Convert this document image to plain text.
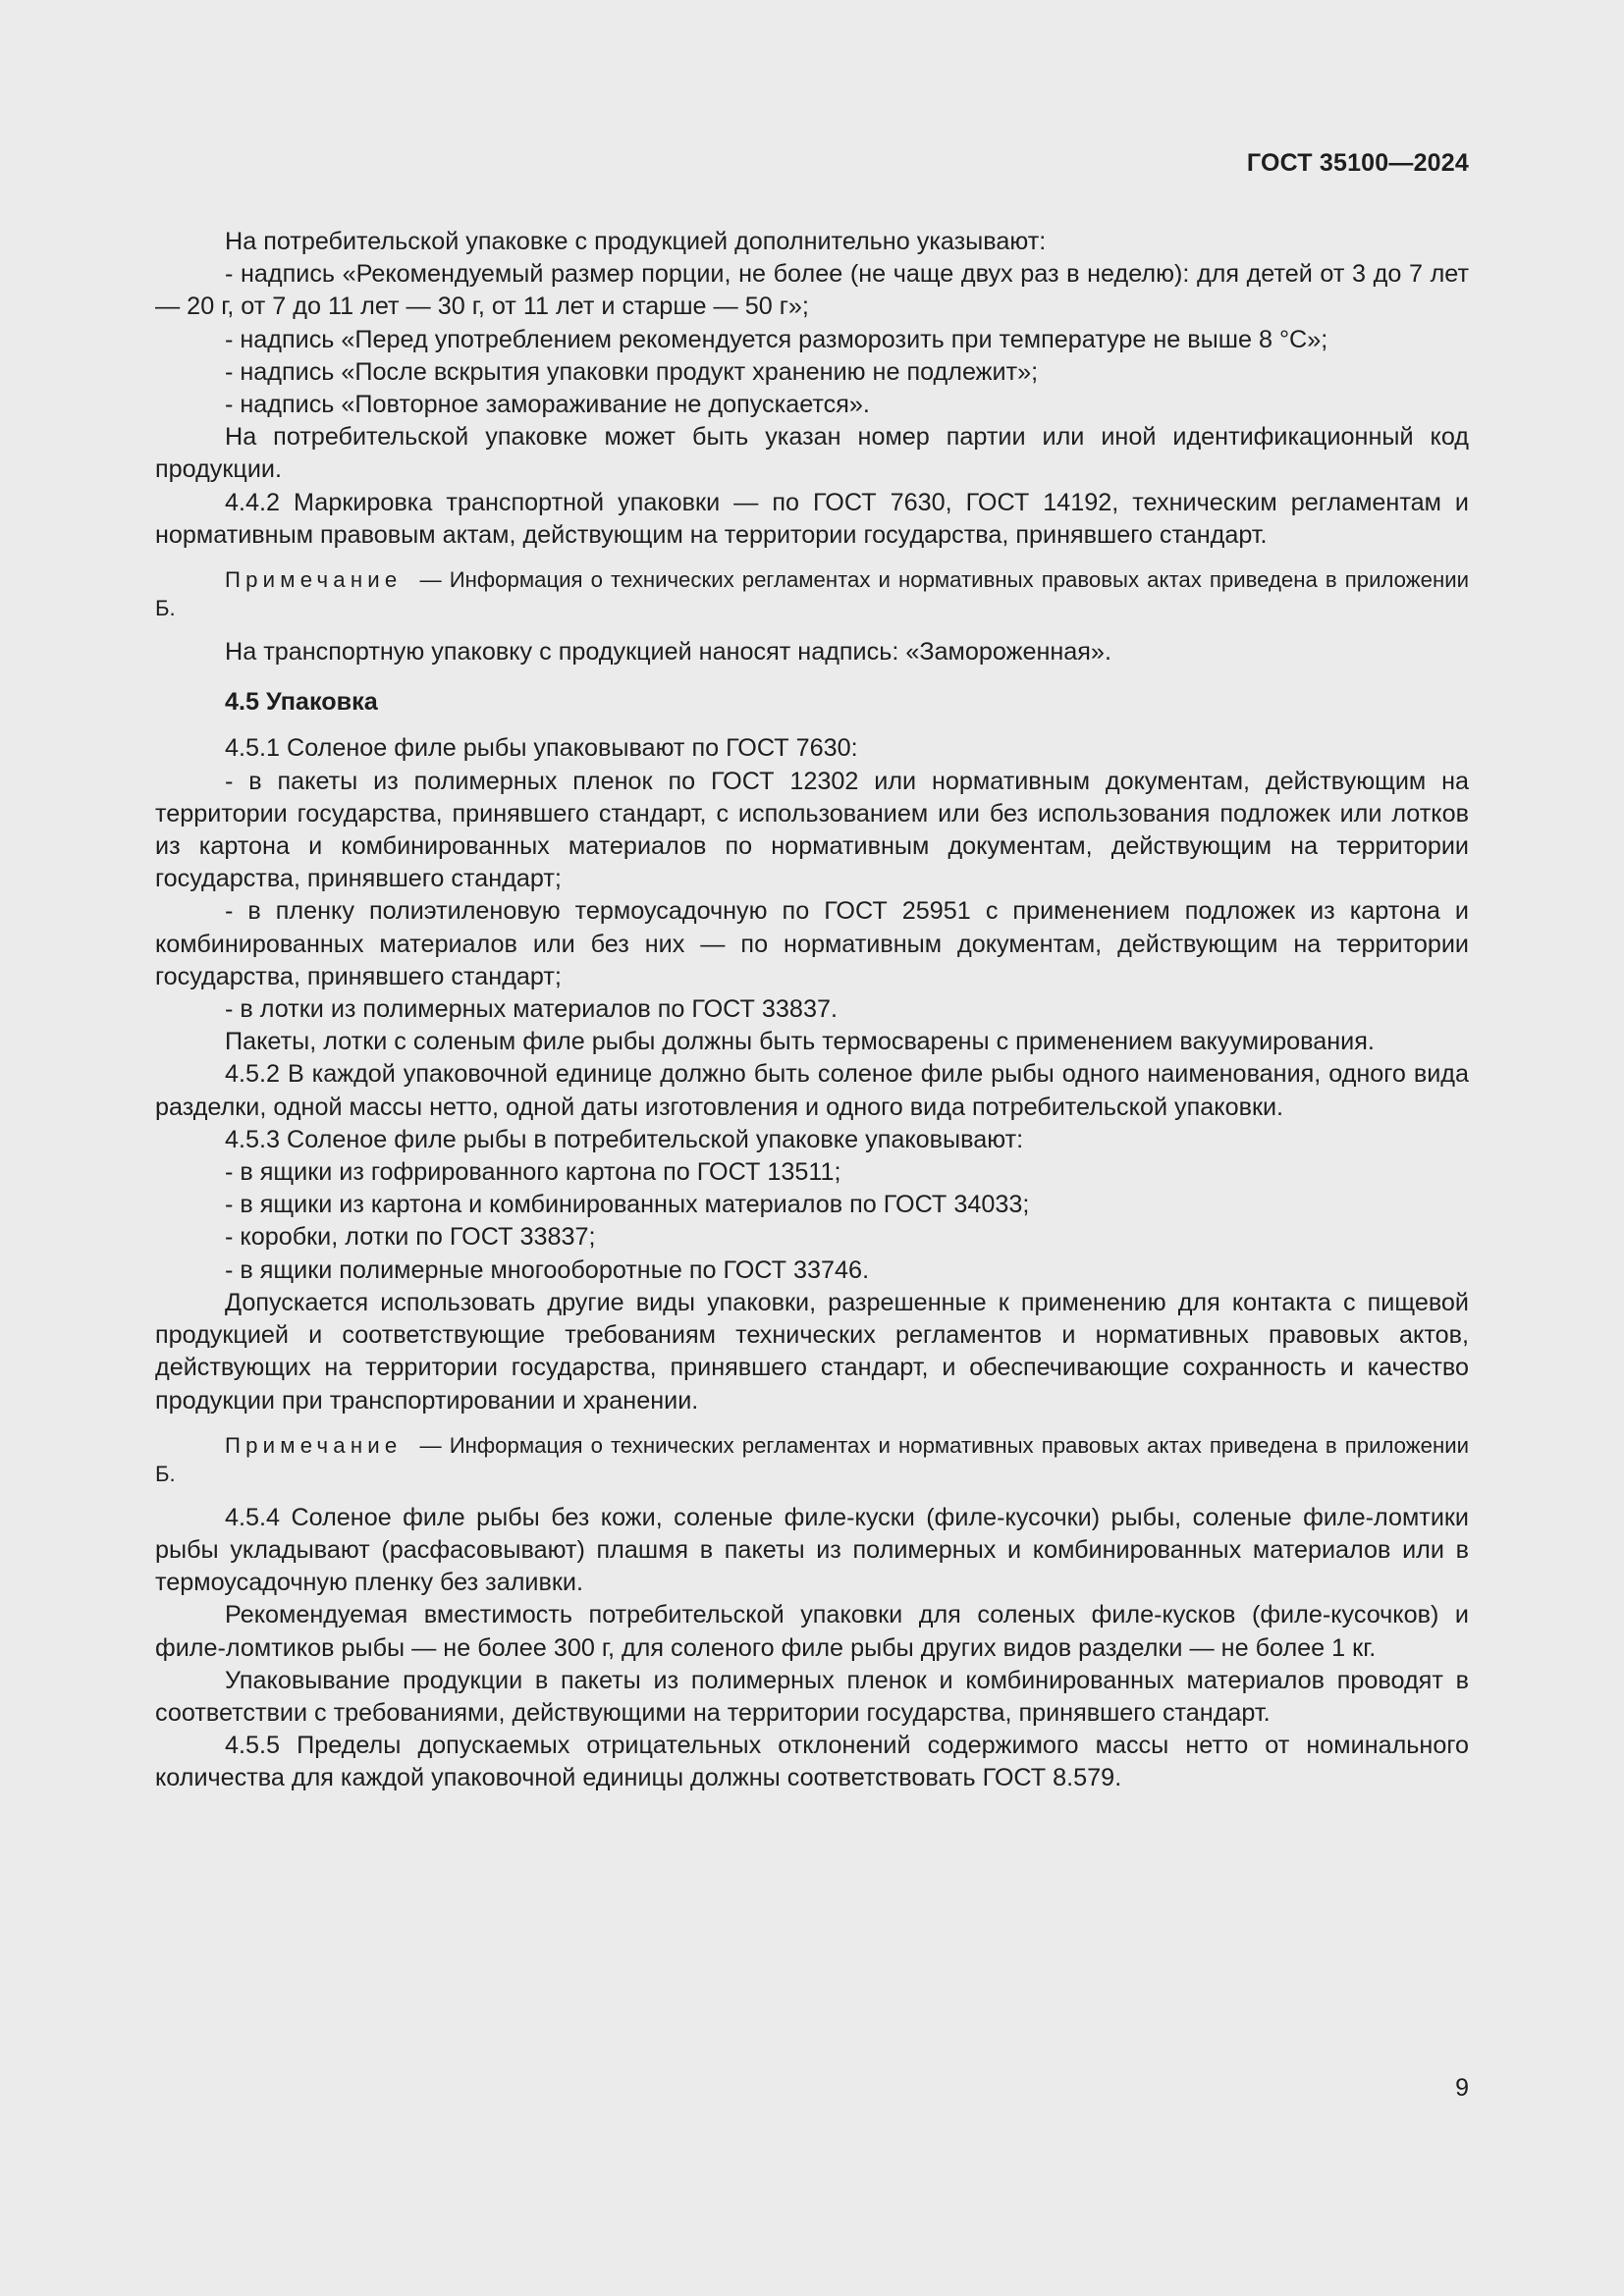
ГОСТ 35100—2024

На потребительской упаковке с продукцией дополнительно указывают:

- надпись «Рекомендуемый размер порции, не более (не чаще двух раз в неделю): для детей от 3 до 7 лет — 20 г, от 7 до 11 лет — 30 г, от 11 лет и старше — 50 г»;

- надпись «Перед употреблением рекомендуется разморозить при температуре не выше 8 °С»;

- надпись «После вскрытия упаковки продукт хранению не подлежит»;

- надпись «Повторное замораживание не допускается».

На потребительской упаковке может быть указан номер партии или иной идентификационный код продукции.

4.4.2 Маркировка транспортной упаковки — по ГОСТ 7630, ГОСТ 14192, техническим регламентам и нормативным правовым актам, действующим на территории государства, принявшего стандарт.

Примечание — Информация о технических регламентах и нормативных правовых актах приведена в приложении Б.

На транспортную упаковку с продукцией наносят надпись: «Замороженная».

4.5 Упаковка

4.5.1 Соленое филе рыбы упаковывают по ГОСТ 7630:

- в пакеты из полимерных пленок по ГОСТ 12302 или нормативным документам, действующим на территории государства, принявшего стандарт, с использованием или без использования подложек или лотков из картона и комбинированных материалов по нормативным документам, действующим на территории государства, принявшего стандарт;

- в пленку полиэтиленовую термоусадочную по ГОСТ 25951 с применением подложек из картона и комбинированных материалов или без них — по нормативным документам, действующим на территории государства, принявшего стандарт;

- в лотки из полимерных материалов по ГОСТ 33837.

Пакеты, лотки с соленым филе рыбы должны быть термосварены с применением вакуумирования.

4.5.2 В каждой упаковочной единице должно быть соленое филе рыбы одного наименования, одного вида разделки, одной массы нетто, одной даты изготовления и одного вида потребительской упаковки.

4.5.3 Соленое филе рыбы в потребительской упаковке упаковывают:

- в ящики из гофрированного картона по ГОСТ 13511;

- в ящики из картона и комбинированных материалов по ГОСТ 34033;

- коробки, лотки по ГОСТ 33837;

- в ящики полимерные многооборотные по ГОСТ 33746.

Допускается использовать другие виды упаковки, разрешенные к применению для контакта с пищевой продукцией и соответствующие требованиям технических регламентов и нормативных правовых актов, действующих на территории государства, принявшего стандарт, и обеспечивающие сохранность и качество продукции при транспортировании и хранении.

Примечание — Информация о технических регламентах и нормативных правовых актах приведена в приложении Б.

4.5.4 Соленое филе рыбы без кожи, соленые филе-куски (филе-кусочки) рыбы, соленые филе-ломтики рыбы укладывают (расфасовывают) плашмя в пакеты из полимерных и комбинированных материалов или в термоусадочную пленку без заливки.

Рекомендуемая вместимость потребительской упаковки для соленых филе-кусков (филе-кусочков) и филе-ломтиков рыбы — не более 300 г, для соленого филе рыбы других видов разделки — не более 1 кг.

Упаковывание продукции в пакеты из полимерных пленок и комбинированных материалов проводят в соответствии с требованиями, действующими на территории государства, принявшего стандарт.

4.5.5 Пределы допускаемых отрицательных отклонений содержимого массы нетто от номинального количества для каждой упаковочной единицы должны соответствовать ГОСТ 8.579.

9
